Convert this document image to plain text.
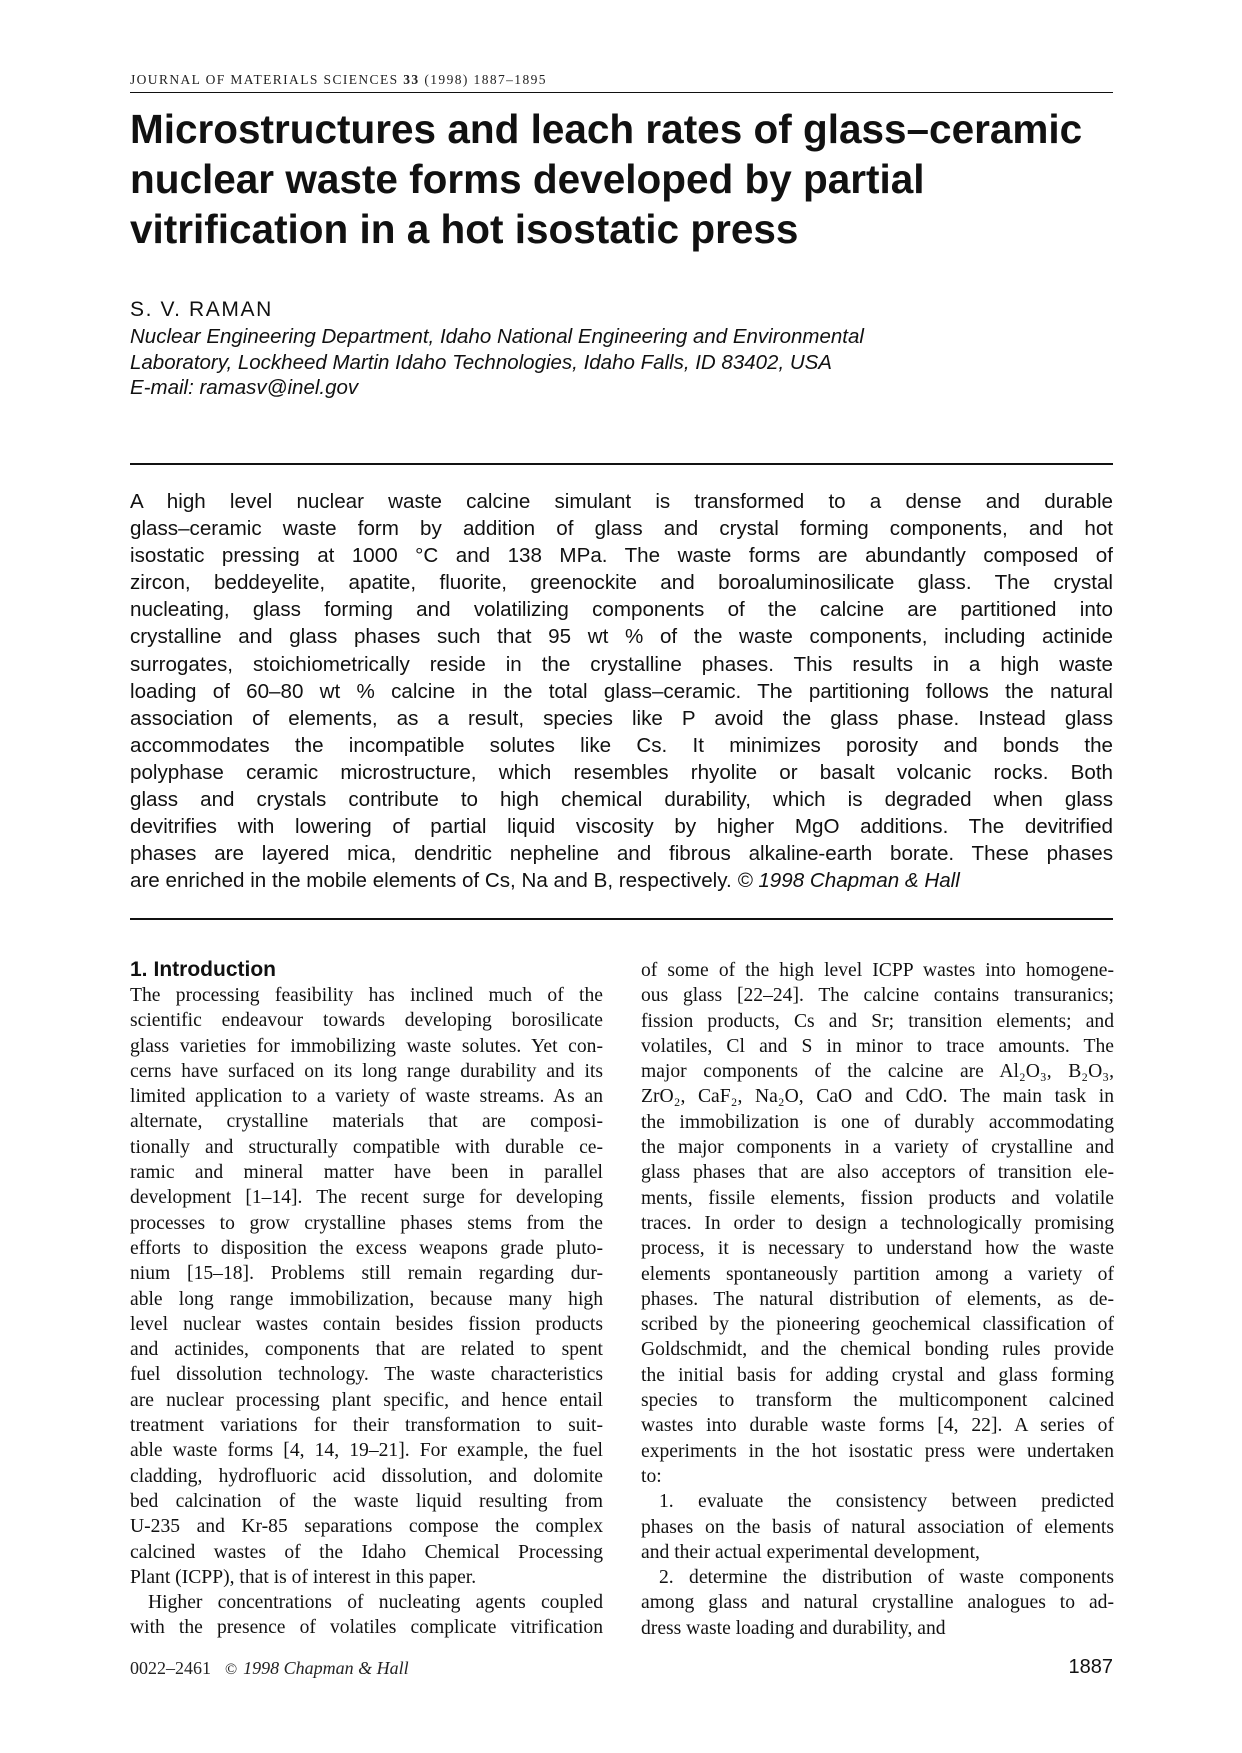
JOURNAL OF MATERIALS SCIENCES 33 (1998) 1887–1895
Microstructures and leach rates of glass–ceramic
nuclear waste forms developed by partial
vitrification in a hot isostatic press
S. V. RAMAN
Nuclear Engineering Department, Idaho National Engineering and Environmental
Laboratory, Lockheed Martin Idaho Technologies, Idaho Falls, ID 83402, USA
E-mail: ramasv@inel.gov
A high level nuclear waste calcine simulant is transformed to a dense and durable
glass–ceramic waste form by addition of glass and crystal forming components, and hot
isostatic pressing at 1000 °C and 138 MPa. The waste forms are abundantly composed of
zircon, beddeyelite, apatite, fluorite, greenockite and boroaluminosilicate glass. The crystal
nucleating, glass forming and volatilizing components of the calcine are partitioned into
crystalline and glass phases such that 95 wt % of the waste components, including actinide
surrogates, stoichiometrically reside in the crystalline phases. This results in a high waste
loading of 60–80 wt % calcine in the total glass–ceramic. The partitioning follows the natural
association of elements, as a result, species like P avoid the glass phase. Instead glass
accommodates the incompatible solutes like Cs. It minimizes porosity and bonds the
polyphase ceramic microstructure, which resembles rhyolite or basalt volcanic rocks. Both
glass and crystals contribute to high chemical durability, which is degraded when glass
devitrifies with lowering of partial liquid viscosity by higher MgO additions. The devitrified
phases are layered mica, dendritic nepheline and fibrous alkaline-earth borate. These phases
are enriched in the mobile elements of Cs, Na and B, respectively. © 1998 Chapman & Hall
1. Introduction
The processing feasibility has inclined much of the
scientific endeavour towards developing borosilicate
glass varieties for immobilizing waste solutes. Yet con-
cerns have surfaced on its long range durability and its
limited application to a variety of waste streams. As an
alternate, crystalline materials that are composi-
tionally and structurally compatible with durable ce-
ramic and mineral matter have been in parallel
development [1–14]. The recent surge for developing
processes to grow crystalline phases stems from the
efforts to disposition the excess weapons grade pluto-
nium [15–18]. Problems still remain regarding dur-
able long range immobilization, because many high
level nuclear wastes contain besides fission products
and actinides, components that are related to spent
fuel dissolution technology. The waste characteristics
are nuclear processing plant specific, and hence entail
treatment variations for their transformation to suit-
able waste forms [4, 14, 19–21]. For example, the fuel
cladding, hydrofluoric acid dissolution, and dolomite
bed calcination of the waste liquid resulting from
U-235 and Kr-85 separations compose the complex
calcined wastes of the Idaho Chemical Processing
Plant (ICPP), that is of interest in this paper.
Higher concentrations of nucleating agents coupled
with the presence of volatiles complicate vitrification
of some of the high level ICPP wastes into homogene-
ous glass [22–24]. The calcine contains transuranics;
fission products, Cs and Sr; transition elements; and
volatiles, Cl and S in minor to trace amounts. The
major components of the calcine are Al₂O₃, B₂O₃,
ZrO₂, CaF₂, Na₂O, CaO and CdO. The main task in
the immobilization is one of durably accommodating
the major components in a variety of crystalline and
glass phases that are also acceptors of transition ele-
ments, fissile elements, fission products and volatile
traces. In order to design a technologically promising
process, it is necessary to understand how the waste
elements spontaneously partition among a variety of
phases. The natural distribution of elements, as de-
scribed by the pioneering geochemical classification of
Goldschmidt, and the chemical bonding rules provide
the initial basis for adding crystal and glass forming
species to transform the multicomponent calcined
wastes into durable waste forms [4, 22]. A series of
experiments in the hot isostatic press were undertaken
to:
1. evaluate the consistency between predicted
phases on the basis of natural association of elements
and their actual experimental development,
2. determine the distribution of waste components
among glass and natural crystalline analogues to ad-
dress waste loading and durability, and
0022–2461 © 1998 Chapman & Hall	1887
